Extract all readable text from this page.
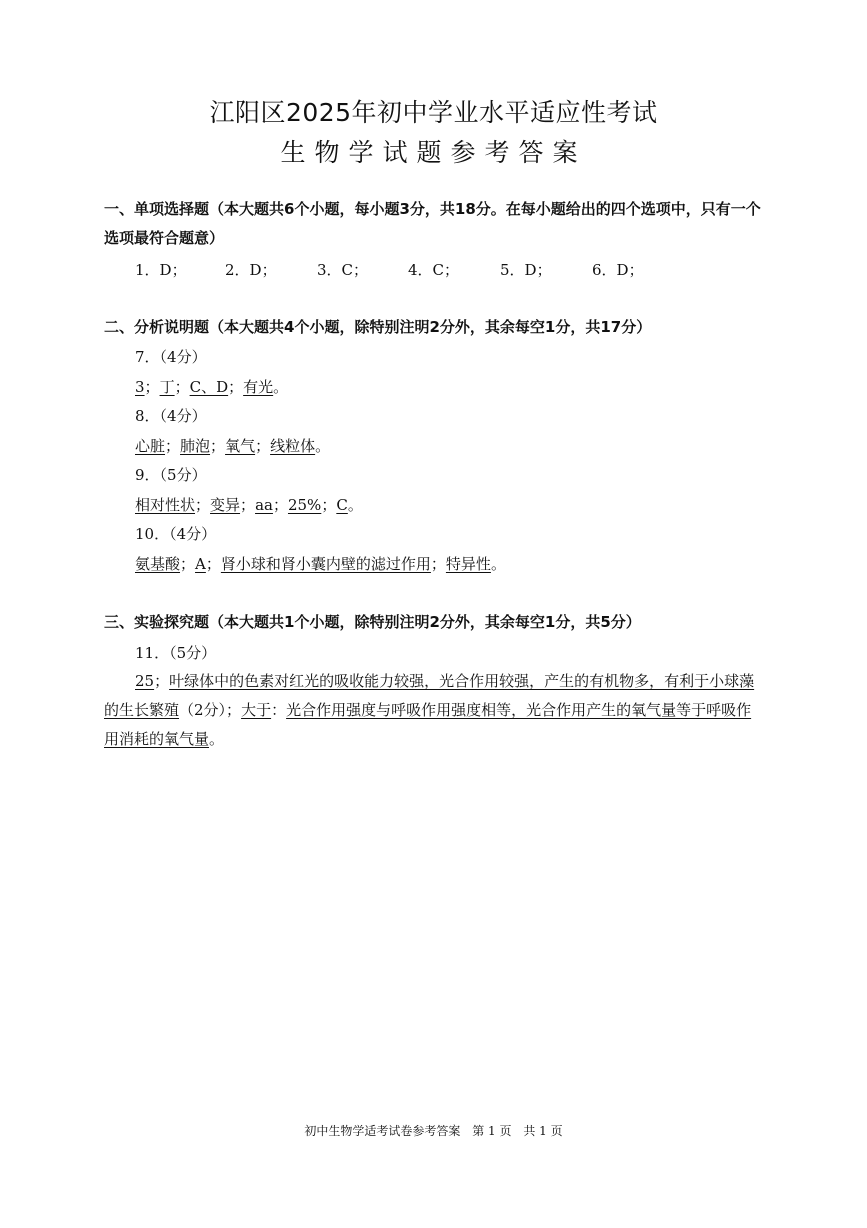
江阳区2025年初中学业水平适应性考试
生物学试题参考答案
一、单项选择题（本大题共6个小题，每小题3分，共18分。在每小题给出的四个选项中，只有一个选项最符合题意）
1．D；	2．D；	3．C；	4．C；	5．D；	6．D；
二、分析说明题（本大题共4个小题，除特别注明2分外，其余每空1分，共17分）
7．（4分）
3；丁；C、D；有光。
8．（4分）
心脏；肺泡；氧气；线粒体。
9．（5分）
相对性状；变异；aa；25%；C。
10．（4分）
氨基酸；A；肾小球和肾小囊内壁的滤过作用；特异性。
三、实验探究题（本大题共1个小题，除特别注明2分外，其余每空1分，共5分）
11．（5分）
25；叶绿体中的色素对红光的吸收能力较强，光合作用较强，产生的有机物多，有利于小球藻的生长繁殖（2分）；大于：光合作用强度与呼吸作用强度相等，光合作用产生的氧气量等于呼吸作用消耗的氧气量。
初中生物学适考试卷参考答案 第 1 页 共 1 页
